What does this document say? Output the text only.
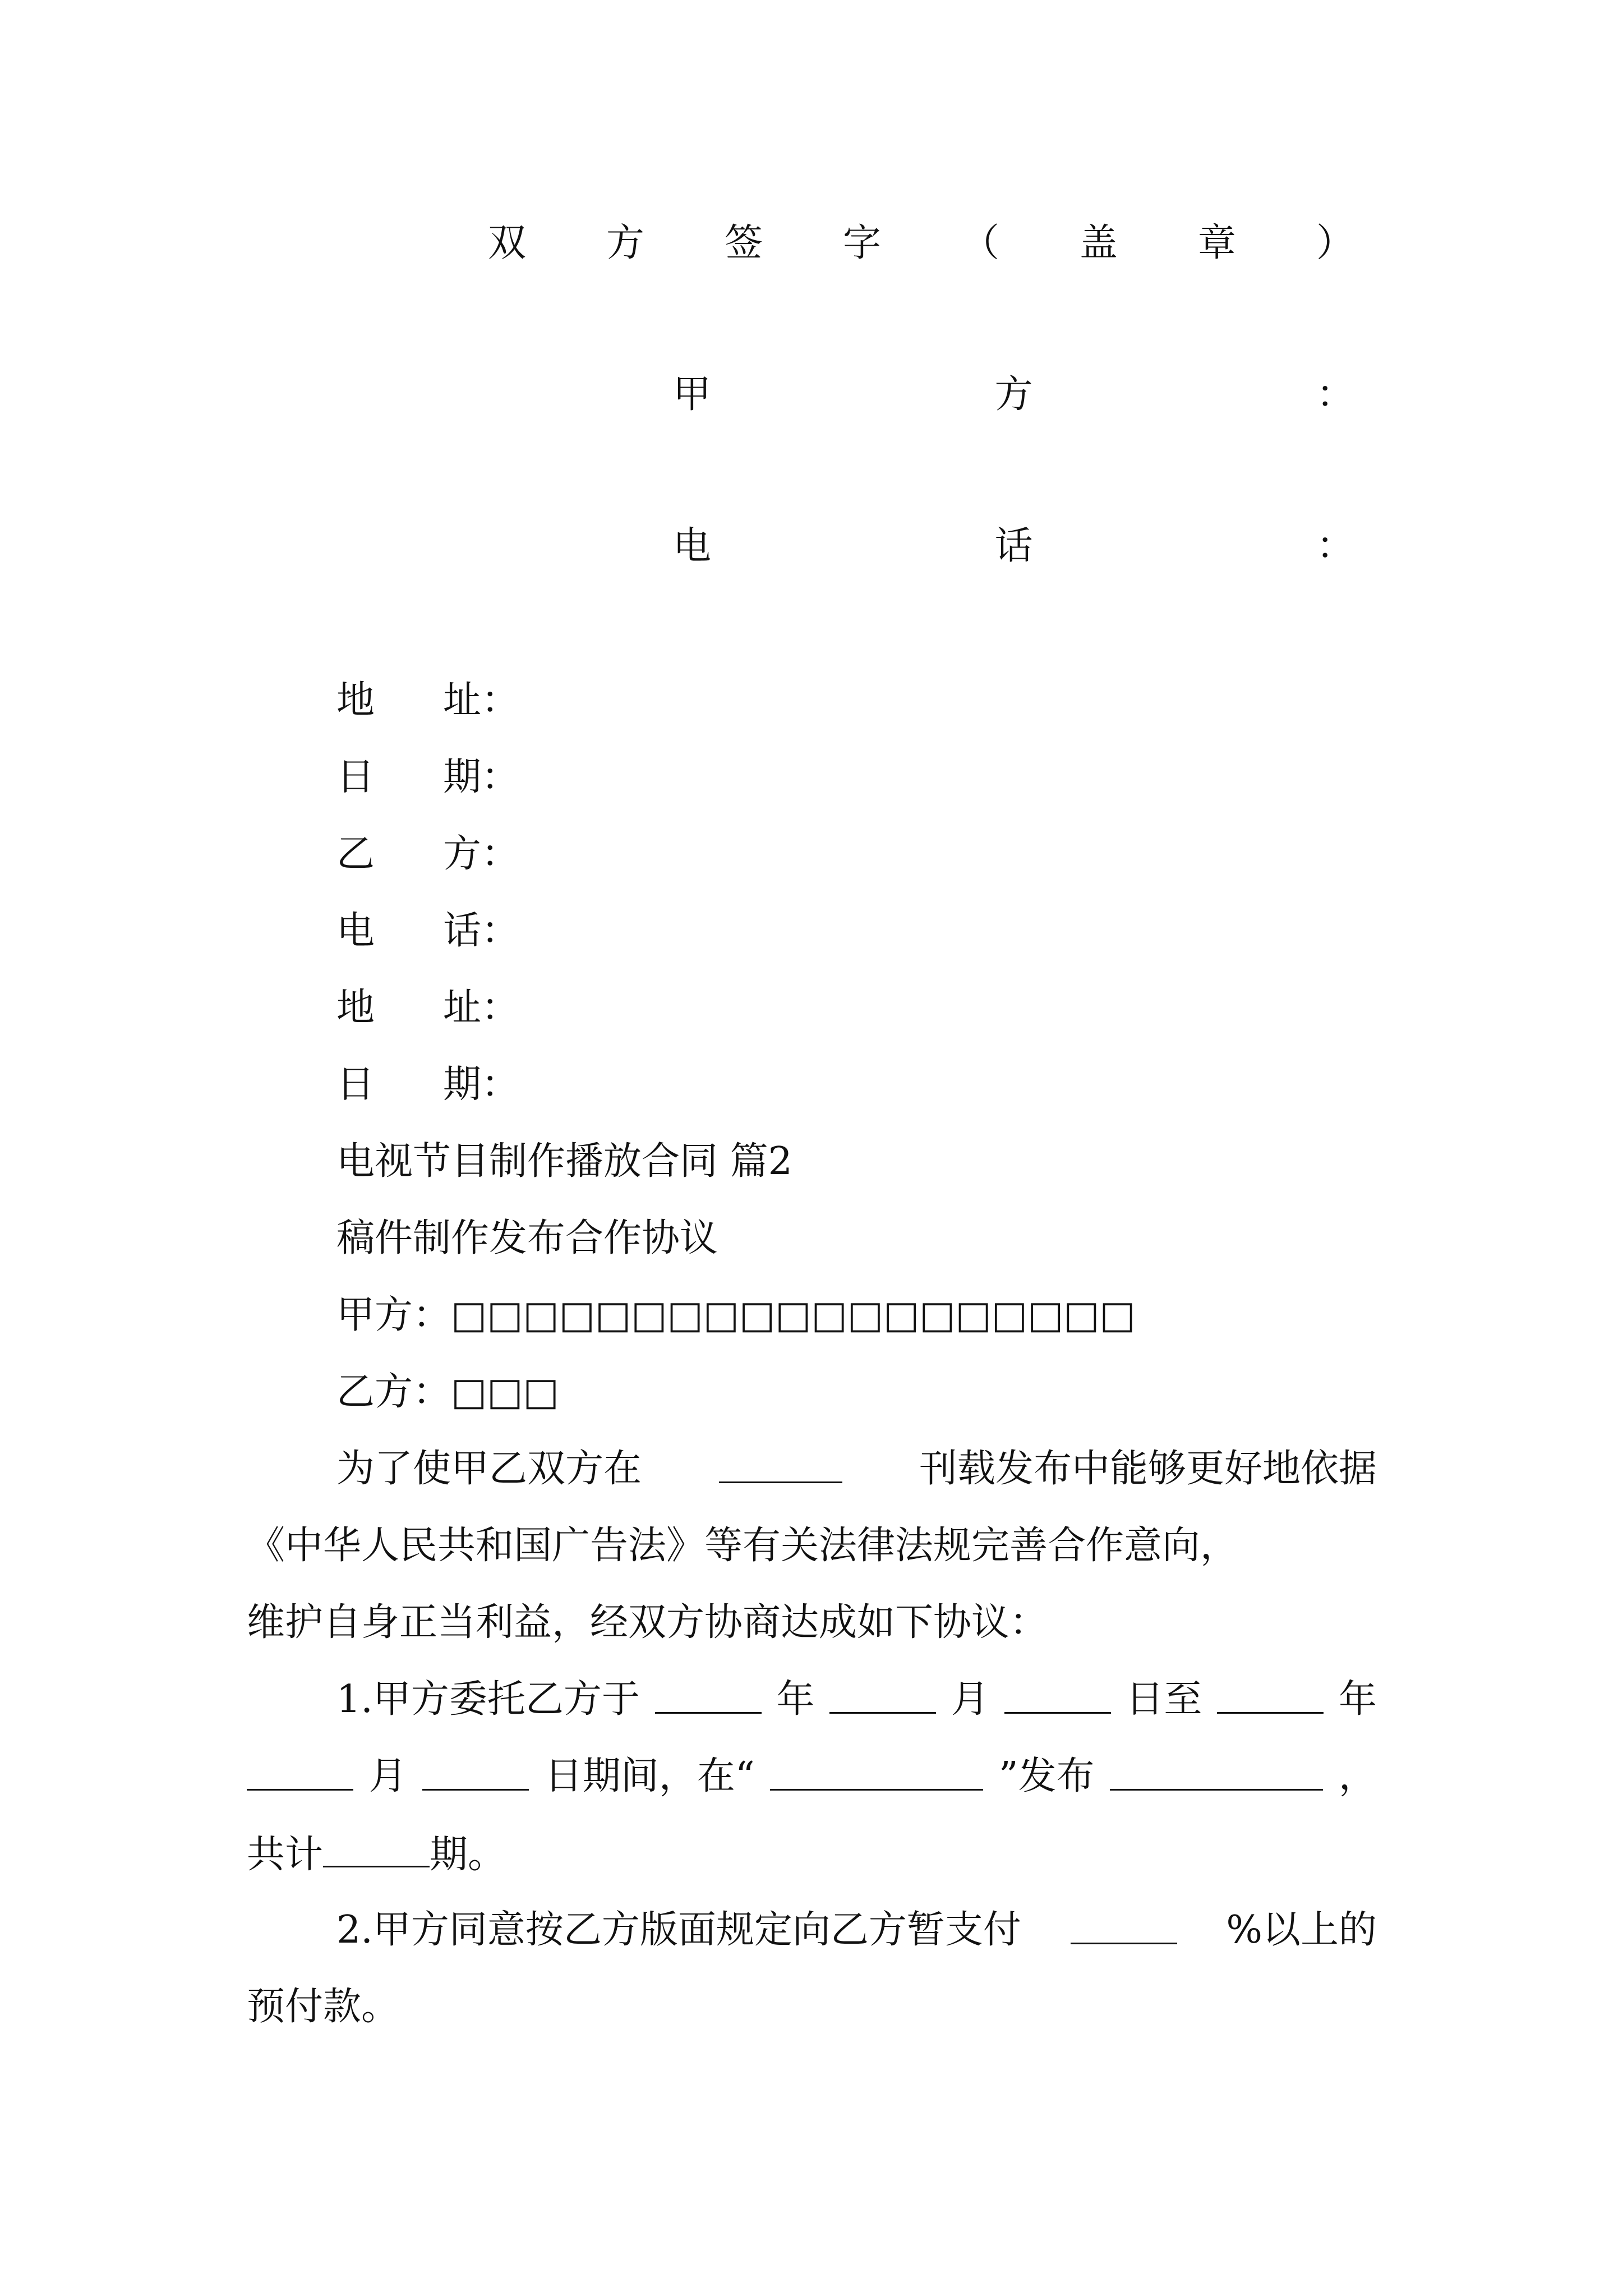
双 方 签 字 （ 盖 章 ）
甲	方	：
电	话	：
地 址：
日 期：
乙 方：
电 话：
地 址：
日 期：
电视节目制作播放合同 篇2
稿件制作发布合作协议
甲方：□□□□□□□□□□□□□□□□□□□
乙方：□□□
为了使甲乙双方在	刊载发布中能够更好地依据
《中华人民共和国广告法》等有关法律法规完善合作意向，
维护自身正当利益，经双方协商达成如下协议：
1.甲方委托乙方于	年	月	日至	年
月	日期间，在“	”发布	，
共计	期。
2.甲方同意按乙方版面规定向乙方暂支付	%以上的
预付款。
